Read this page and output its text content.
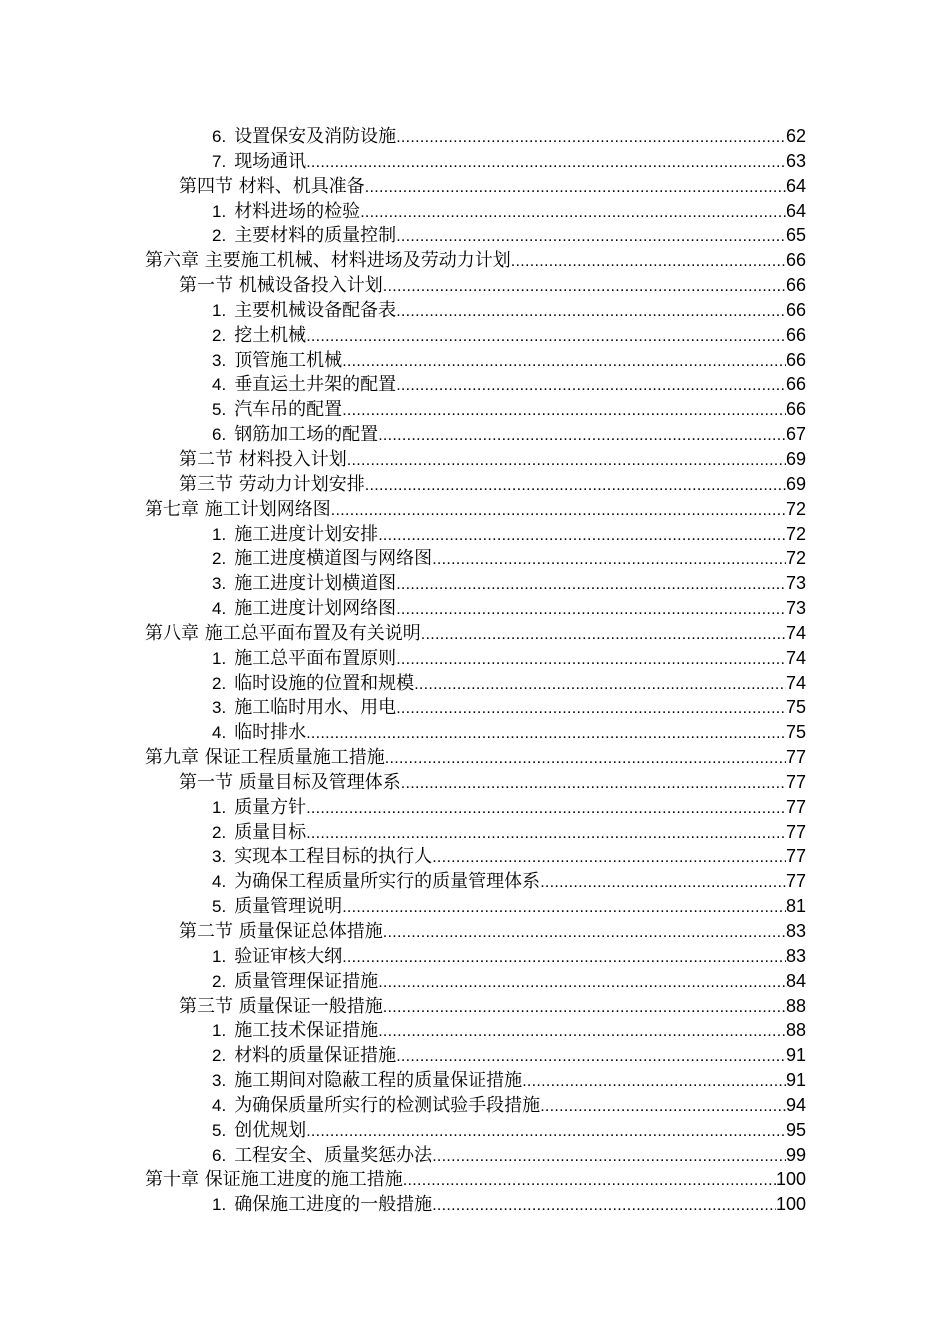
6. 设置保安及消防设施 .....	62
7. 现场通讯 .....	63
第四节 材料、机具准备 .....	64
1. 材料进场的检验 .....	64
2. 主要材料的质量控制 .....	65
第六章 主要施工机械、材料进场及劳动力计划 .....	66
第一节 机械设备投入计划 .....	66
1. 主要机械设备配备表 .....	66
2. 挖土机械 .....	66
3. 顶管施工机械 .....	66
4. 垂直运土井架的配置 .....	66
5. 汽车吊的配置 .....	66
6. 钢筋加工场的配置 .....	67
第二节 材料投入计划 .....	69
第三节 劳动力计划安排 .....	69
第七章 施工计划网络图 .....	72
1. 施工进度计划安排 .....	72
2. 施工进度横道图与网络图 .....	72
3. 施工进度计划横道图 .....	73
4. 施工进度计划网络图 .....	73
第八章 施工总平面布置及有关说明 .....	74
1. 施工总平面布置原则 .....	74
2. 临时设施的位置和规模 .....	74
3. 施工临时用水、用电 .....	75
4. 临时排水 .....	75
第九章 保证工程质量施工措施 .....	77
第一节 质量目标及管理体系 .....	77
1. 质量方针 .....	77
2. 质量目标 .....	77
3. 实现本工程目标的执行人 .....	77
4. 为确保工程质量所实行的质量管理体系 .....	77
5. 质量管理说明 .....	81
第二节 质量保证总体措施 .....	83
1. 验证审核大纲 .....	83
2. 质量管理保证措施 .....	84
第三节 质量保证一般措施 .....	88
1. 施工技术保证措施 .....	88
2. 材料的质量保证措施 .....	91
3. 施工期间对隐蔽工程的质量保证措施 .....	91
4. 为确保质量所实行的检测试验手段措施 .....	94
5. 创优规划 .....	95
6. 工程安全、质量奖惩办法 .....	99
第十章 保证施工进度的施工措施 .....	100
1. 确保施工进度的一般措施 .....	100
